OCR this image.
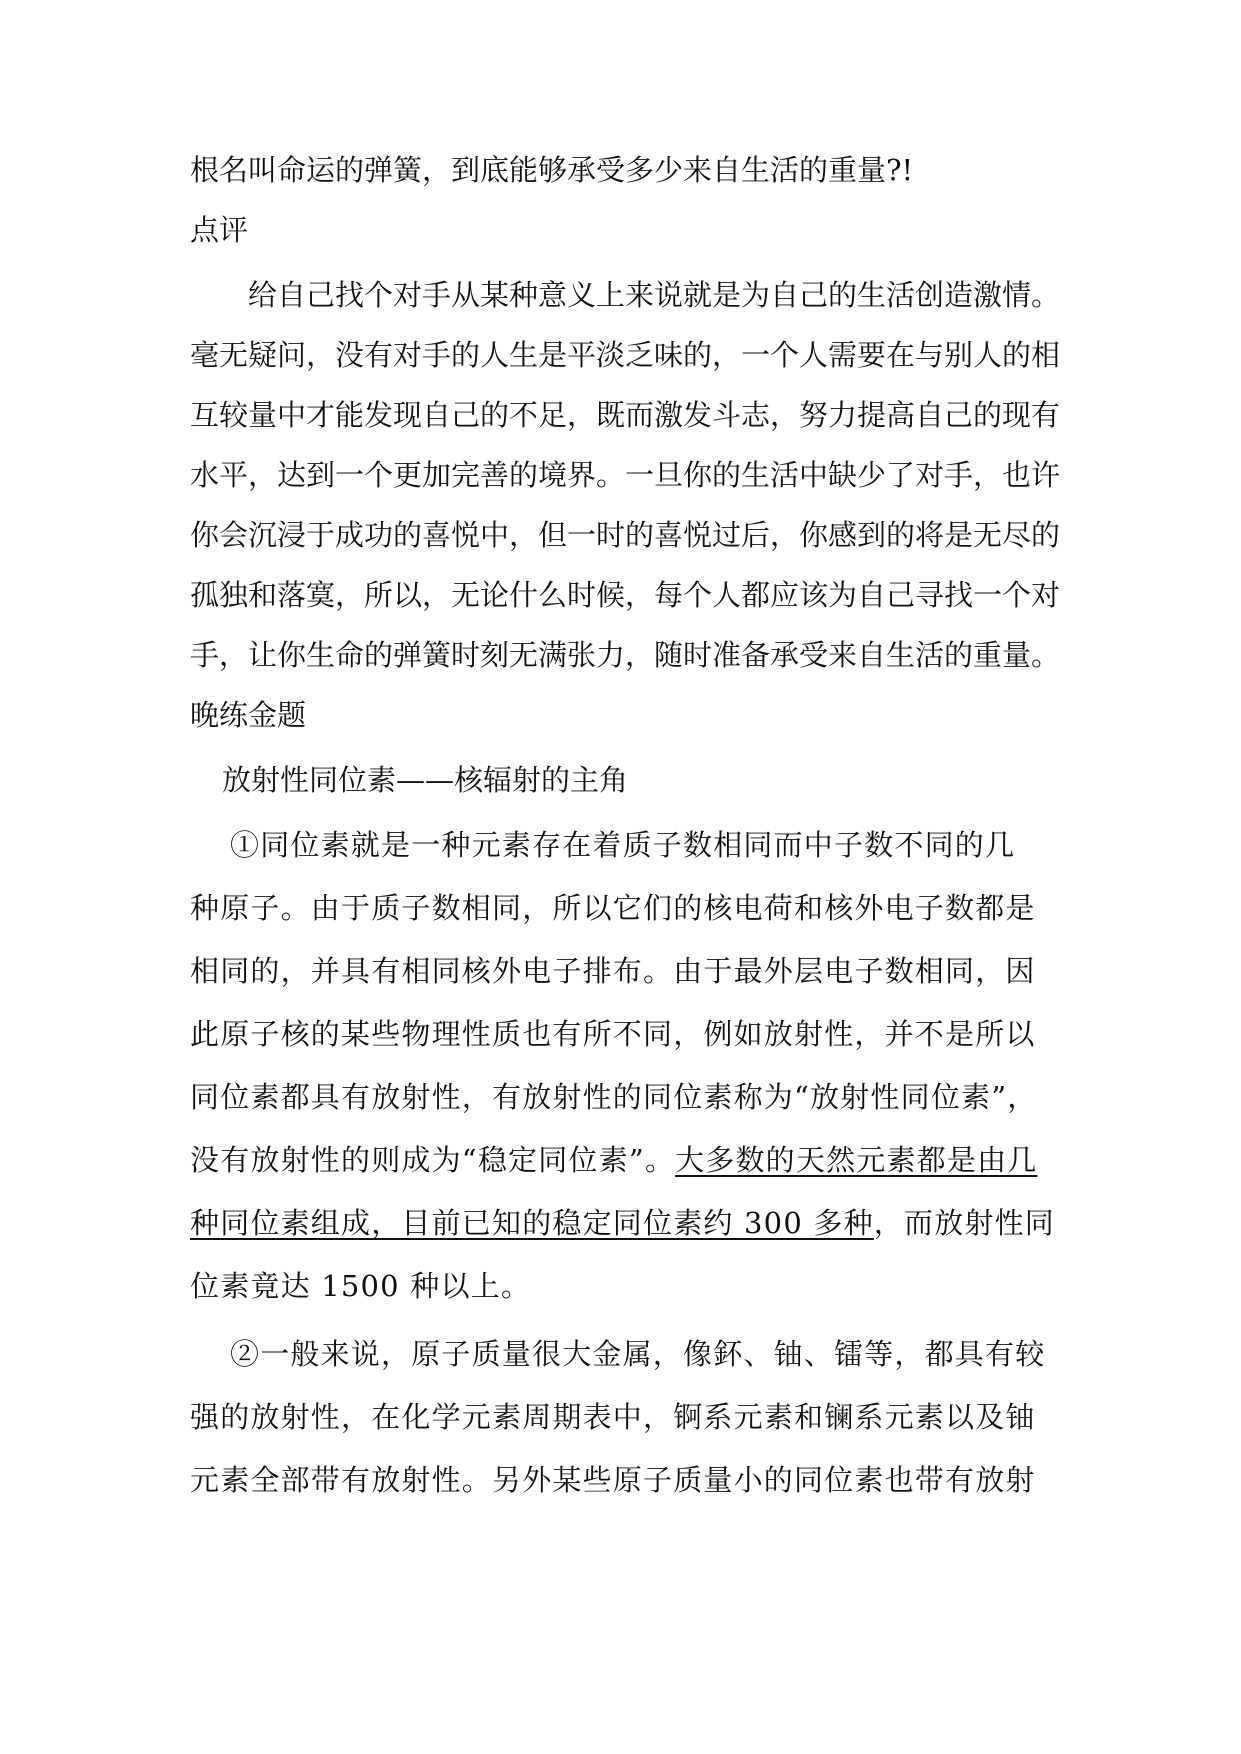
根名叫命运的弹簧，到底能够承受多少来自生活的重量?!
点评
给自己找个对手从某种意义上来说就是为自己的生活创造激情。
毫无疑问，没有对手的人生是平淡乏味的，一个人需要在与别人的相
互较量中才能发现自己的不足，既而激发斗志，努力提高自己的现有
水平，达到一个更加完善的境界。一旦你的生活中缺少了对手，也许
你会沉浸于成功的喜悦中，但一时的喜悦过后，你感到的将是无尽的
孤独和落寞，所以，无论什么时候，每个人都应该为自己寻找一个对
手，让你生命的弹簧时刻无满张力，随时准备承受来自生活的重量。
晚练金题
放射性同位素——核辐射的主角
①同位素就是一种元素存在着质子数相同而中子数不同的几
种原子。由于质子数相同，所以它们的核电荷和核外电子数都是
相同的，并具有相同核外电子排布。由于最外层电子数相同，因
此原子核的某些物理性质也有所不同，例如放射性，并不是所以
同位素都具有放射性，有放射性的同位素称为“放射性同位素”，
没有放射性的则成为“稳定同位素”。大多数的天然元素都是由几
种同位素组成，目前已知的稳定同位素约 300 多种，而放射性同
位素竟达 1500 种以上。
②一般来说，原子质量很大金属，像鈈、铀、镭等，都具有较
强的放射性，在化学元素周期表中，锕系元素和镧系元素以及铀
元素全部带有放射性。另外某些原子质量小的同位素也带有放射
